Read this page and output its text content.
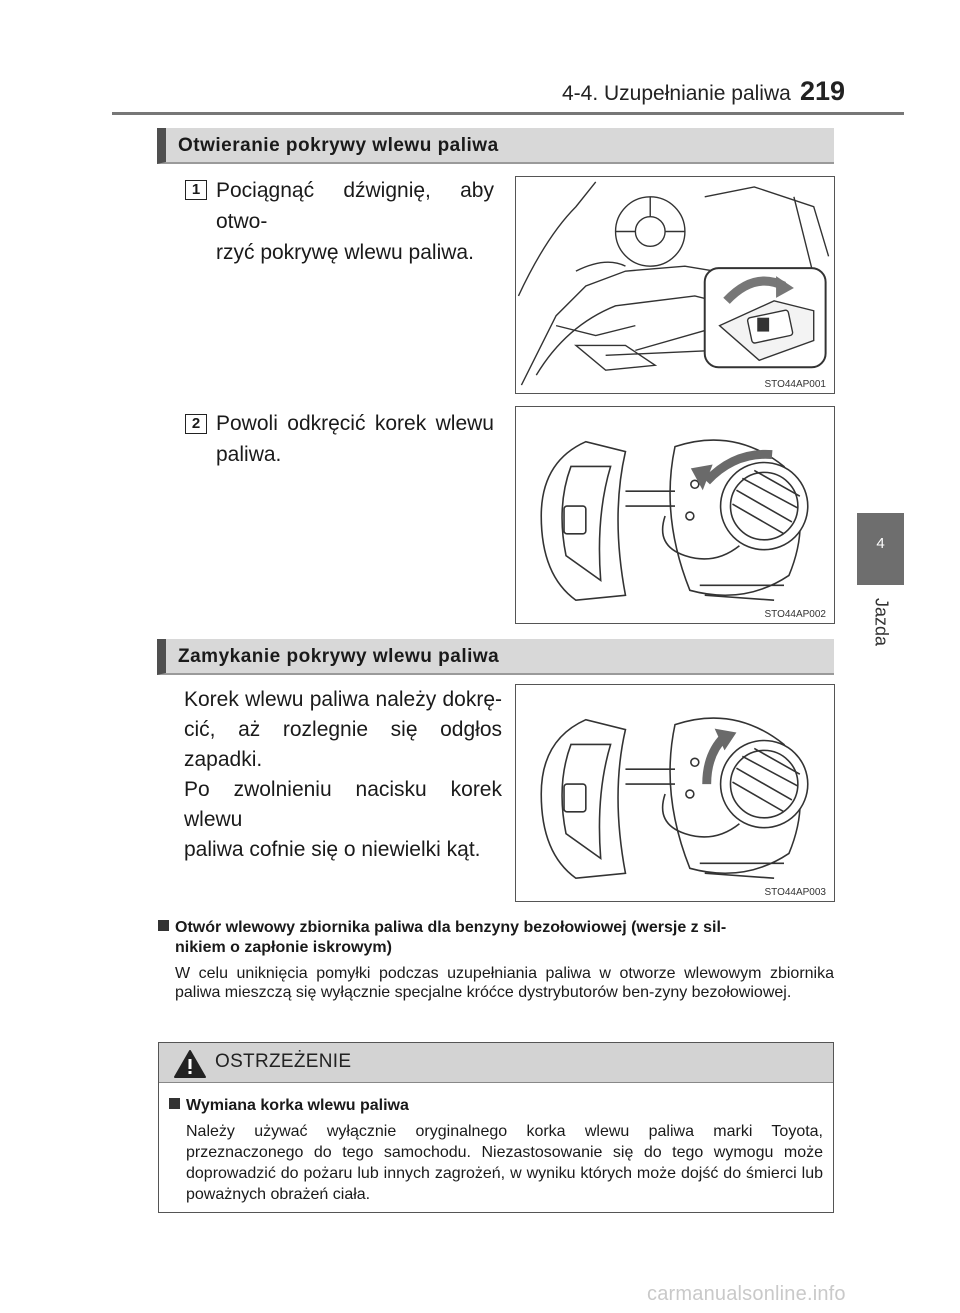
4-4. Uzupełnianie paliwa 219
4
Jazda
Otwieranie pokrywy wlewu paliwa
1 Pociągnąć dźwignię, aby otwo-
rzyć pokrywę wlewu paliwa.
STO44AP001
2 Powoli odkręcić korek wlewu
paliwa.
STO44AP002
Zamykanie pokrywy wlewu paliwa
Korek wlewu paliwa należy dokrę-
cić, aż rozlegnie się odgłos zapadki.
Po zwolnieniu nacisku korek wlewu
paliwa cofnie się o niewielki kąt.
STO44AP003
Otwór wlewowy zbiornika paliwa dla benzyny bezołowiowej (wersje z sil-
nikiem o zapłonie iskrowym)
W celu uniknięcia pomyłki podczas uzupełniania paliwa w otworze wlewowym zbiornika paliwa mieszczą się wyłącznie specjalne króćce dystrybutorów ben-zyny bezołowiowej.
OSTRZEŻENIE
Wymiana korka wlewu paliwa
Należy używać wyłącznie oryginalnego korka wlewu paliwa marki Toyota, przeznaczonego do tego samochodu. Niezastosowanie się do tego wymogu może doprowadzić do pożaru lub innych zagrożeń, w wyniku których może dojść do śmierci lub poważnych obrażeń ciała.
carmanualsonline.info
